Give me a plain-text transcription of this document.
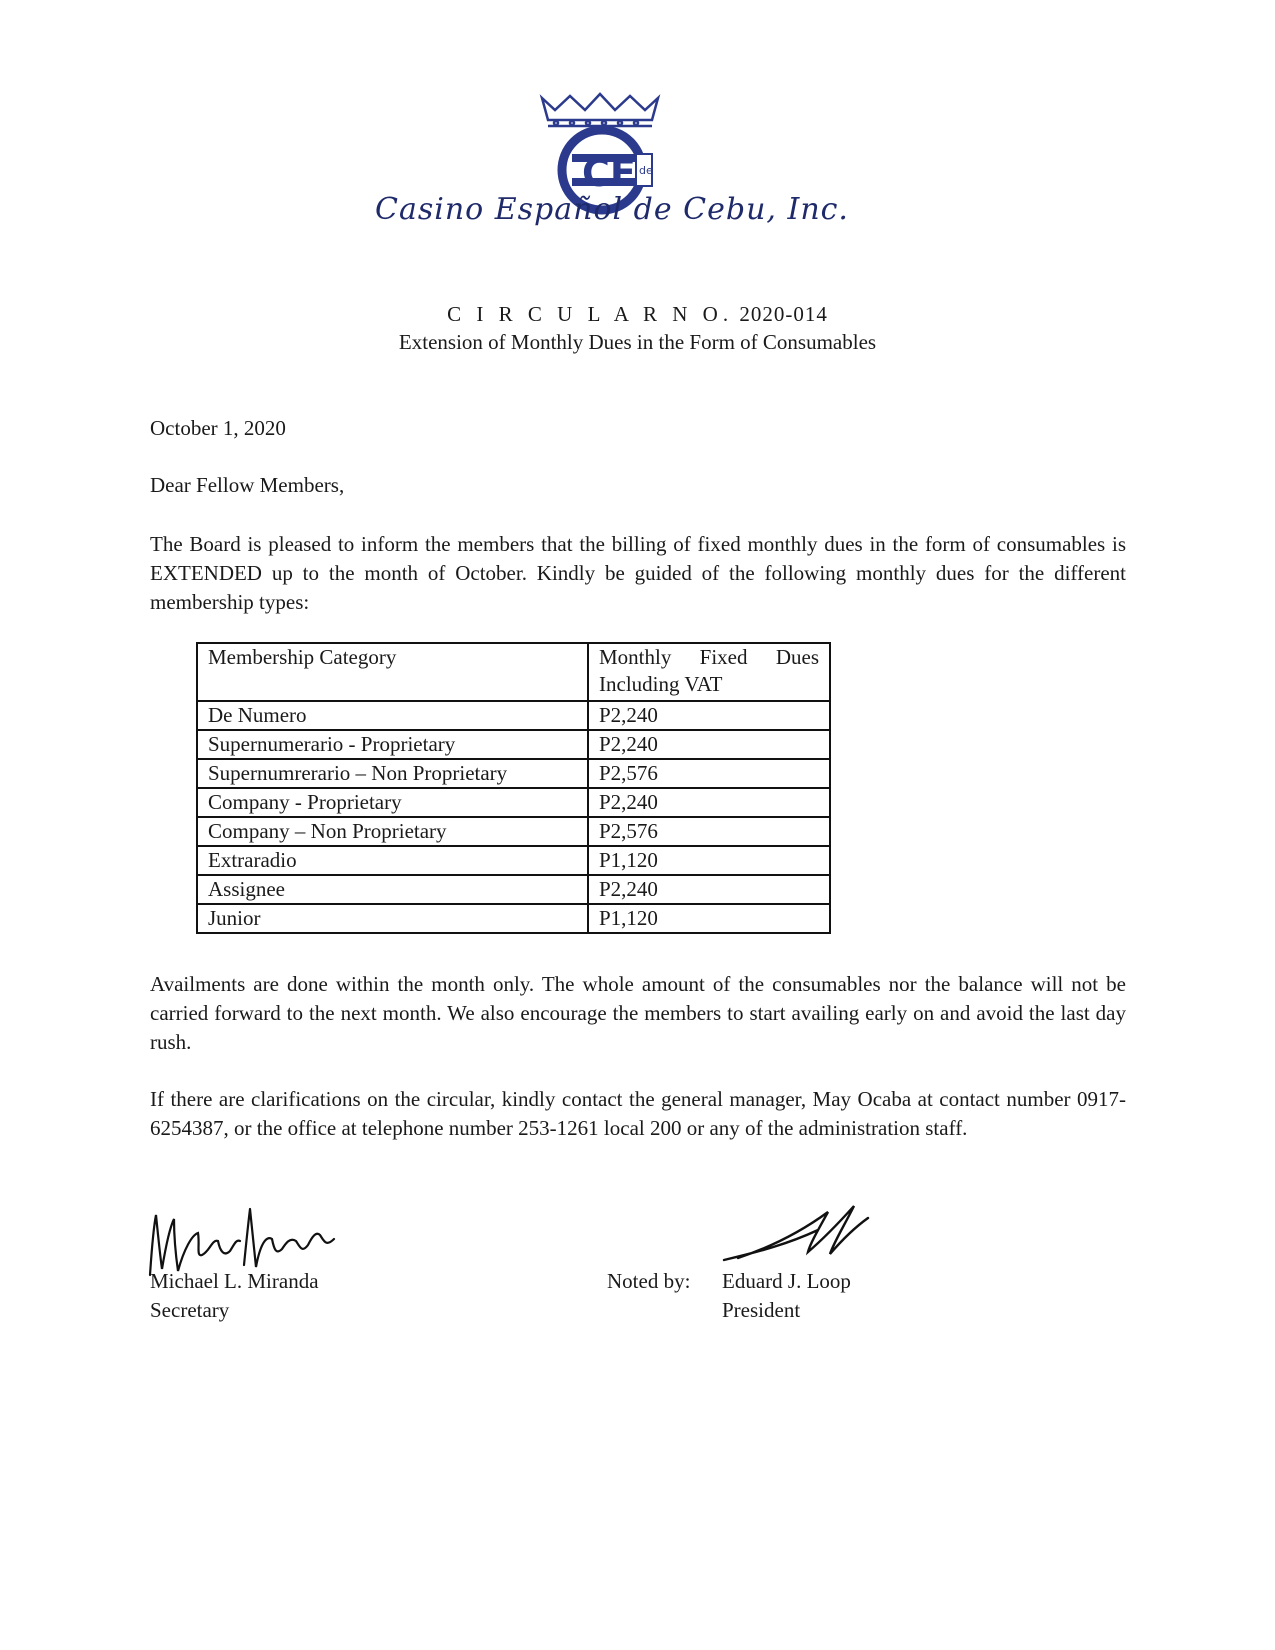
CE de
Casino Español de Cebu, Inc.
C I R C U L A R N O. 2020-014
Extension of Monthly Dues in the Form of Consumables
October 1, 2020
Dear Fellow Members,

The Board is pleased to inform the members that the billing of fixed monthly dues in the form of consumables is EXTENDED up to the month of October. Kindly be guided of the following monthly dues for the different membership types:

Membership Category	Monthly Fixed Dues
Including VAT
De Numero	P2,240
Supernumerario - Proprietary	P2,240
Supernumrerario – Non Proprietary	P2,576
Company - Proprietary	P2,240
Company – Non Proprietary	P2,576
Extraradio	P1,120
Assignee	P2,240
Junior	P1,120

Availments are done within the month only. The whole amount of the consumables nor the balance will not be carried forward to the next month. We also encourage the members to start availing early on and avoid the last day rush.

If there are clarifications on the circular, kindly contact the general manager, May Ocaba at contact number 0917-6254387, or the office at telephone number 253-1261 local 200 or any of the administration staff.

Michael L. Miranda
Secretary
Noted by: Eduard J. Loop
President
